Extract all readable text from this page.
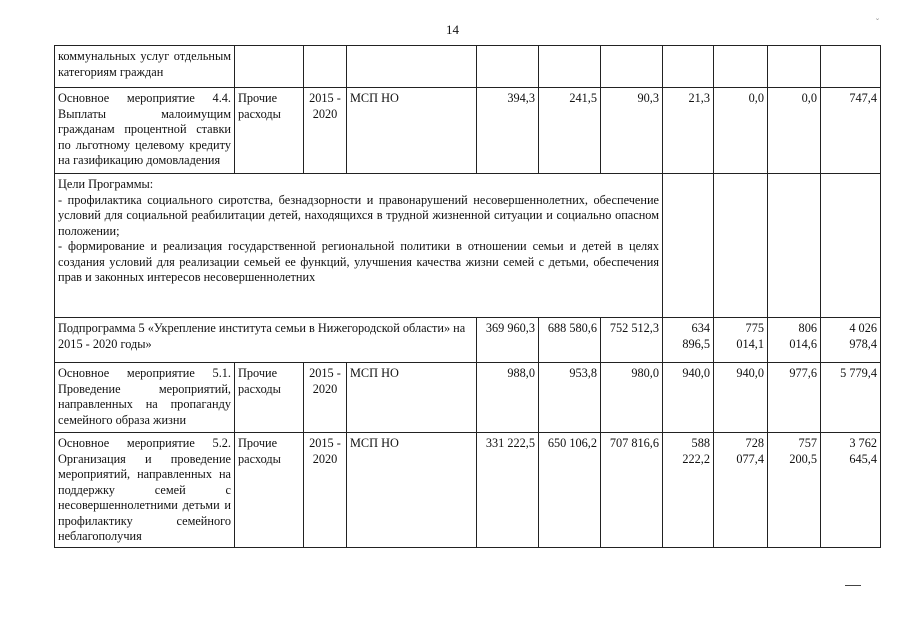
14	˘
коммунальных услуг отдельным категориям граждан										
Основное мероприятие 4.4. Выплаты малоимущим гражданам процентной ставки по льготному целевому кредиту на газификацию домовладения	Прочие расходы	2015 - 2020	МСП НО	394,3	241,5	90,3	21,3	0,0	0,0	747,4
Цели Программы:
- профилактика социального сиротства, безнадзорности и правонарушений несовершеннолетних, обеспечение условий для социальной реабилитации детей, находящихся в трудной жизненной ситуации и социально опасном положении;
- формирование и реализация государственной региональной политики в отношении семьи и детей в целях создания условий для реализации семьей ее функций, улучшения качества жизни семей с детьми, обеспечения прав и законных интересов несовершеннолетних										
Подпрограмма 5 «Укрепление института семьи в Нижегородской области» на 2015 - 2020 годы»				369 960,3	688 580,6	752 512,3	634 896,5	775 014,1	806 014,6	4 026 978,4
Основное мероприятие 5.1. Проведение мероприятий, направленных на пропаганду семейного образа жизни	Прочие расходы	2015 - 2020	МСП НО	988,0	953,8	980,0	940,0	940,0	977,6	5 779,4
Основное мероприятие 5.2. Организация и проведение мероприятий, направленных на поддержку семей с несовершеннолетними детьми и профилактику семейного неблагополучия	Прочие расходы	2015 - 2020	МСП НО	331 222,5	650 106,2	707 816,6	588 222,2	728 077,4	757 200,5	3 762 645,4
